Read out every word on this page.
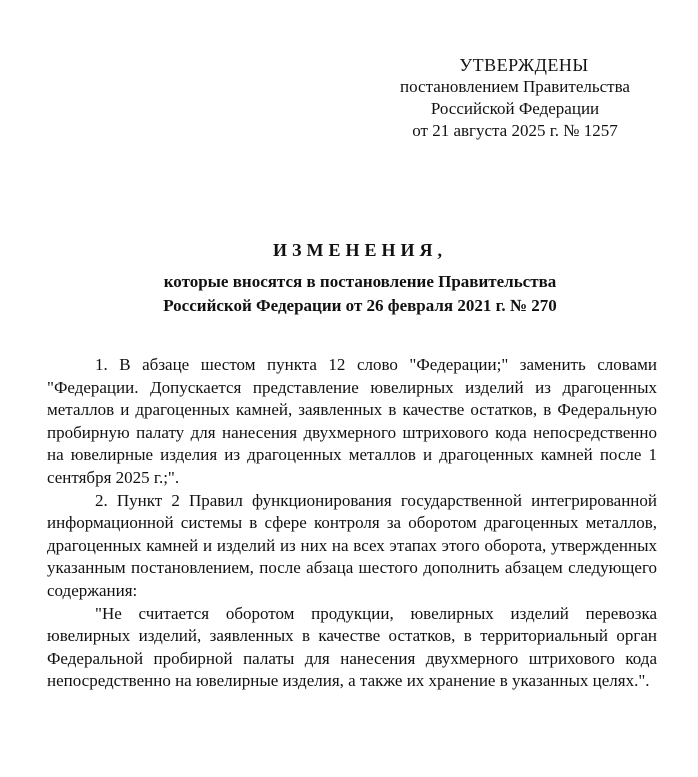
УТВЕРЖДЕНЫ
постановлением Правительства
Российской Федерации
от 21 августа 2025 г. № 1257
ИЗМЕНЕНИЯ,
которые вносятся в постановление Правительства
Российской Федерации от 26 февраля 2021 г. № 270

1. В абзаце шестом пункта 12 слово "Федерации;" заменить словами "Федерации. Допускается представление ювелирных изделий из драгоценных металлов и драгоценных камней, заявленных в качестве остатков, в Федеральную пробирную палату для нанесения двухмерного штрихового кода непосредственно на ювелирные изделия из драгоценных металлов и драгоценных камней после 1 сентября 2025 г.;".

2. Пункт 2 Правил функционирования государственной интегрированной информационной системы в сфере контроля за оборотом драгоценных металлов, драгоценных камней и изделий из них на всех этапах этого оборота, утвержденных указанным постановлением, после абзаца шестого дополнить абзацем следующего содержания:

"Не считается оборотом продукции, ювелирных изделий перевозка ювелирных изделий, заявленных в качестве остатков, в территориальный орган Федеральной пробирной палаты для нанесения двухмерного штрихового кода непосредственно на ювелирные изделия, а также их хранение в указанных целях.".
